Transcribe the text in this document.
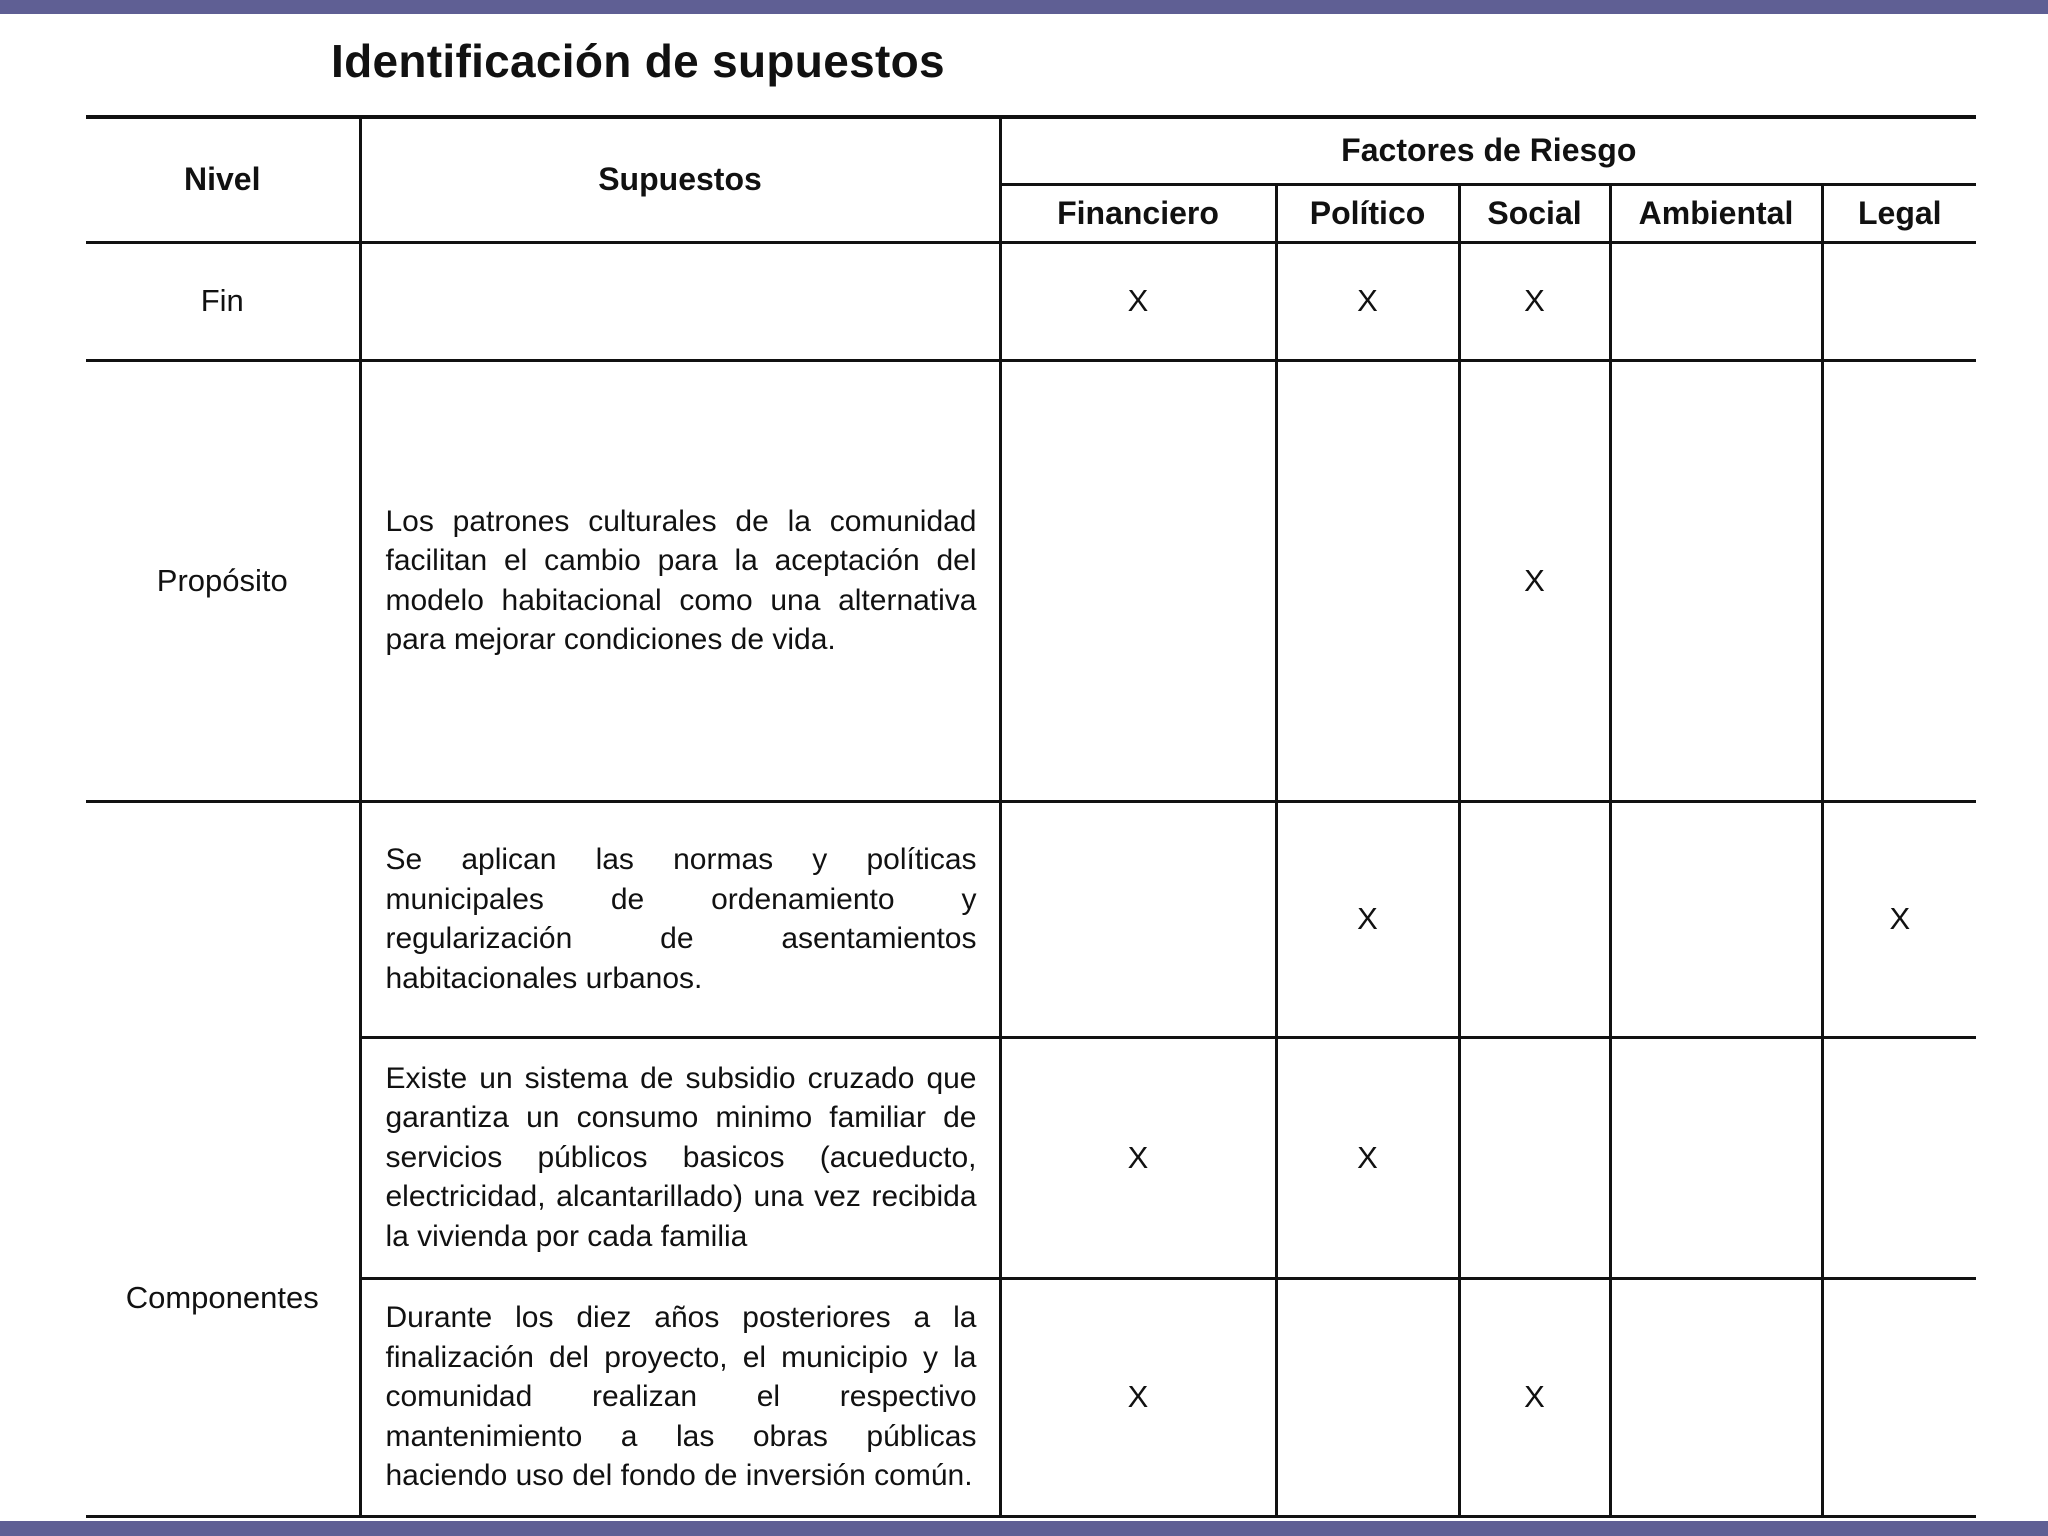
Identificación de supuestos
Nivel	Supuestos	Factores de Riesgo				
		Financiero	Político	Social	Ambiental	Legal
Fin		X	X	X		
Propósito	Los patrones culturales de la comunidad facilitan el cambio para la aceptación del modelo habitacional como una alternativa para mejorar condiciones de vida.			X		

Componentes	Se aplican las normas y políticas municipales de ordenamiento y regularización de asentamientos habitacionales urbanos.		X			X
	Existe un sistema de subsidio cruzado que garantiza un consumo minimo familiar de servicios públicos basicos (acueducto, electricidad, alcantarillado) una vez recibida la vivienda por cada familia	X	X			
	Durante los diez años posteriores a la finalización del proyecto, el municipio y la comunidad realizan el respectivo mantenimiento a las obras públicas haciendo uso del fondo de inversión común.	X		X		
